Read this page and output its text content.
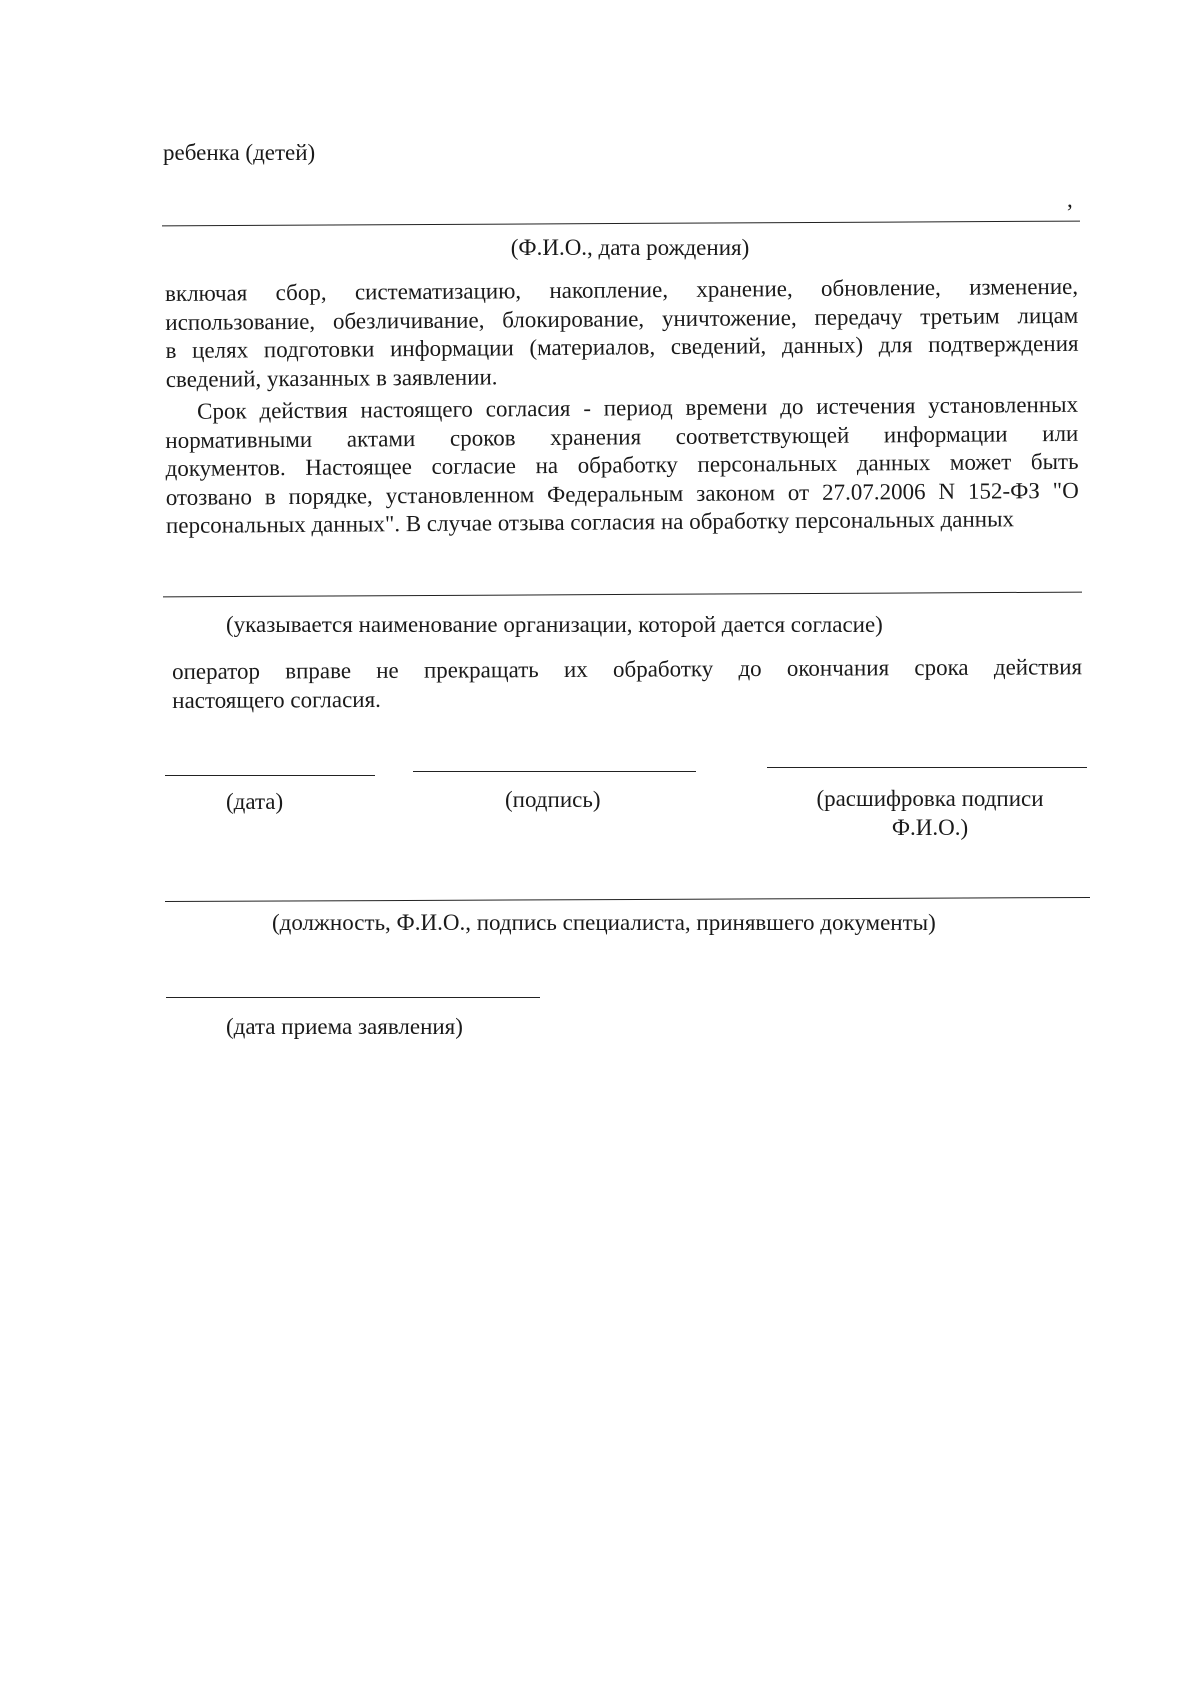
ребенка (детей)
,
(Ф.И.О., дата рождения)
включая сбор, систематизацию, накопление, хранение, обновление, изменение,
использование, обезличивание, блокирование, уничтожение, передачу третьим лицам
в целях подготовки информации (материалов, сведений, данных) для подтверждения
сведений, указанных в заявлении.
Срок действия настоящего согласия - период времени до истечения установленных
нормативными актами сроков хранения соответствующей информации или
документов. Настоящее согласие на обработку персональных данных может быть
отозвано в порядке, установленном Федеральным законом от 27.07.2006 N 152-ФЗ "О
персональных данных". В случае отзыва согласия на обработку персональных данных
(указывается наименование организации, которой дается согласие)
оператор вправе не прекращать их обработку до окончания срока действия
настоящего согласия.
(дата)	(подпись)	(расшифровка подписи
Ф.И.О.)
(должность, Ф.И.О., подпись специалиста, принявшего документы)
(дата приема заявления)
